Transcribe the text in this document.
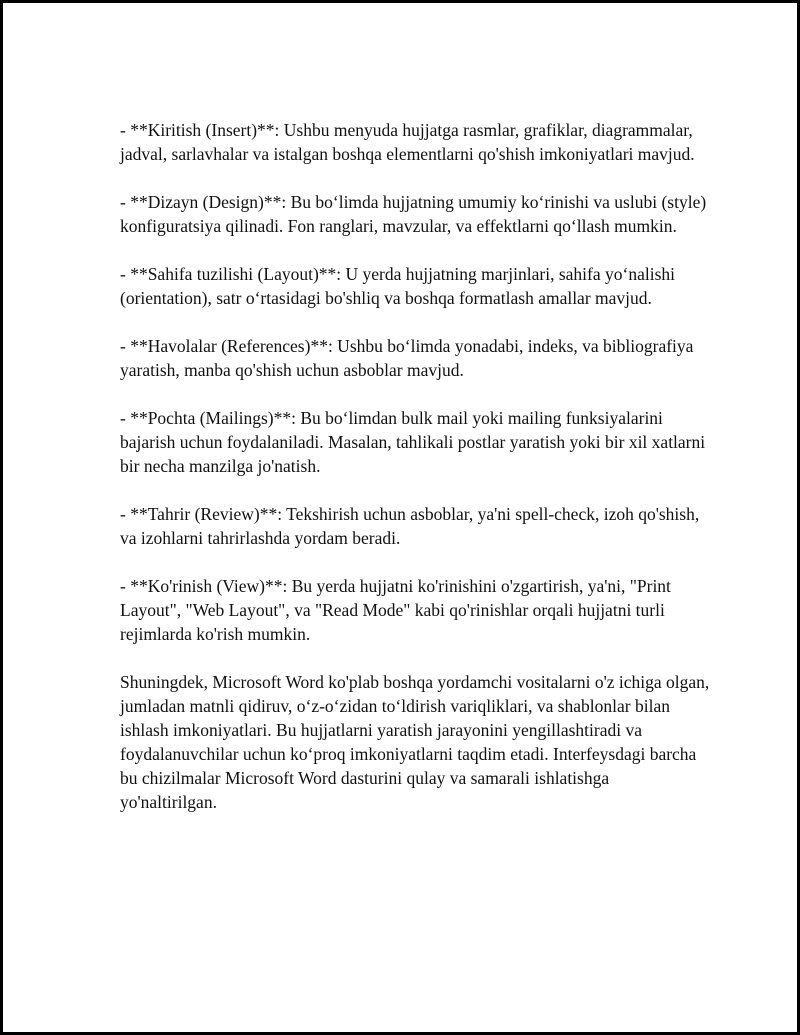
- **Kiritish (Insert)**: Ushbu menyuda hujjatga rasmlar, grafiklar, diagrammalar, jadval, sarlavhalar va istalgan boshqa elementlarni qo'shish imkoniyatlari mavjud.

- **Dizayn (Design)**: Bu bo‘limda hujjatning umumiy ko‘rinishi va uslubi (style) konfiguratsiya qilinadi. Fon ranglari, mavzular, va effektlarni qo‘llash mumkin.

- **Sahifa tuzilishi (Layout)**: U yerda hujjatning marjinlari, sahifa yo‘nalishi (orientation), satr o‘rtasidagi bo'shliq va boshqa formatlash amallar mavjud.

- **Havolalar (References)**: Ushbu bo‘limda yonadabi, indeks, va bibliografiya yaratish, manba qo'shish uchun asboblar mavjud.

- **Pochta (Mailings)**: Bu bo‘limdan bulk mail yoki mailing funksiyalarini bajarish uchun foydalaniladi. Masalan, tahlikali postlar yaratish yoki bir xil xatlarni bir necha manzilga jo'natish.

- **Tahrir (Review)**: Tekshirish uchun asboblar, ya'ni spell-check, izoh qo'shish, va izohlarni tahrirlashda yordam beradi.

- **Ko'rinish (View)**: Bu yerda hujjatni ko'rinishini o'zgartirish, ya'ni, "Print Layout", "Web Layout", va "Read Mode" kabi qo'rinishlar orqali hujjatni turli rejimlarda ko'rish mumkin.

Shuningdek, Microsoft Word ko'plab boshqa yordamchi vositalarni o'z ichiga olgan, jumladan matnli qidiruv, o‘z-o‘zidan to‘ldirish variqliklari, va shablonlar bilan ishlash imkoniyatlari. Bu hujjatlarni yaratish jarayonini yengillashtiradi va foydalanuvchilar uchun ko‘proq imkoniyatlarni taqdim etadi. Interfeysdagi barcha bu chizilmalar Microsoft Word dasturini qulay va samarali ishlatishga yo'naltirilgan.
